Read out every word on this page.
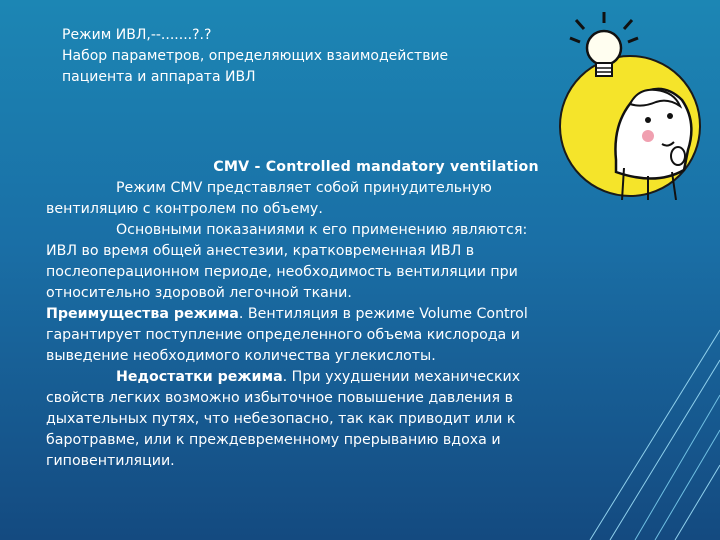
Режим ИВЛ,--.......?.?
Набор параметров, определяющих взаимодействие
пациента и аппарата ИВЛ

CMV - Controlled mandatory ventilation

Режим CMV представляет собой принудительную

вентиляцию с контролем по объему.

Основными показаниями к его применению являются:

ИВЛ во время общей анестезии, кратковременная ИВЛ в

послеоперационном периоде, необходимость вентиляции при

относительно здоровой легочной ткани.

Преимущества режима. Вентиляция в режиме Volume Control

гарантирует поступление определенного объема кислорода и

выведение необходимого количества углекислоты.

Недостатки режима. При ухудшении механических

свойств легких возможно избыточное повышение давления в

дыхательных путях, что небезопасно, так как приводит или к

баротравме, или к преждевременному прерыванию вдоха и

гиповентиляции.
